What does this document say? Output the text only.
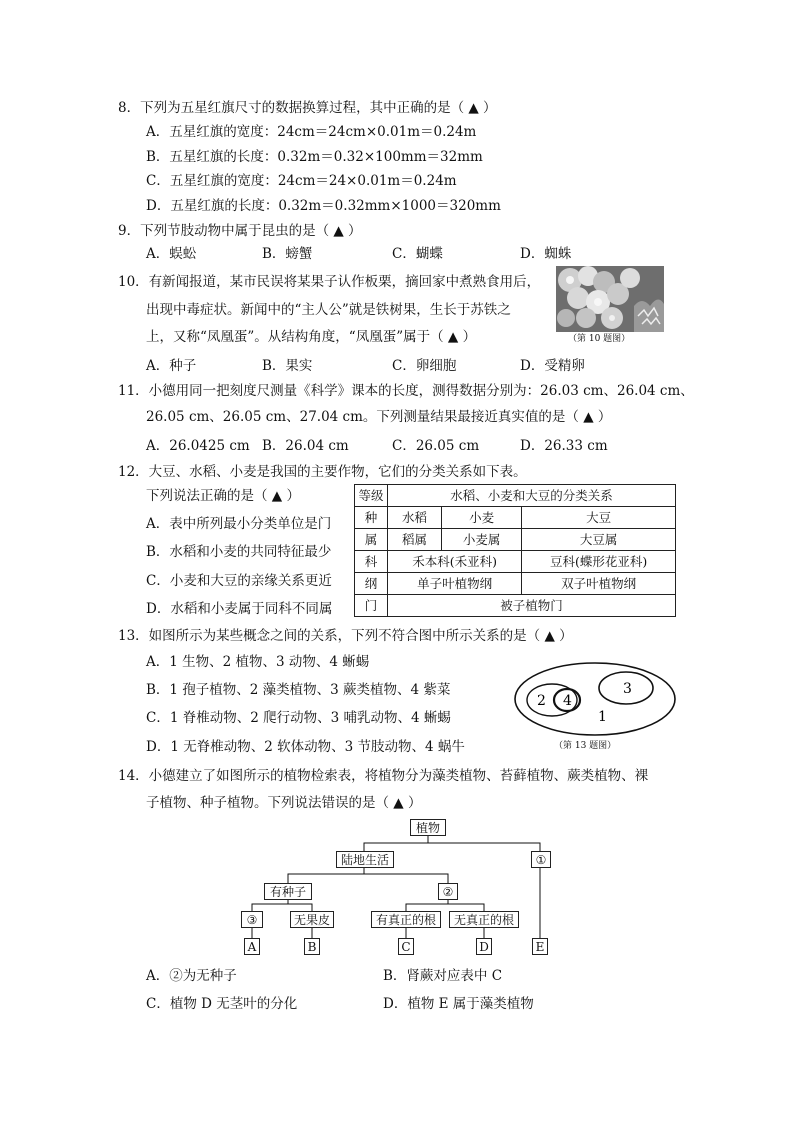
8．下列为五星红旗尺寸的数据换算过程，其中正确的是（ ▲ ）
A．五星红旗的宽度：24cm＝24cm×0.01m＝0.24m
B．五星红旗的长度：0.32m＝0.32×100mm＝32mm
C．五星红旗的宽度：24cm＝24×0.01m＝0.24m
D．五星红旗的长度：0.32m＝0.32mm×1000＝320mm
9．下列节肢动物中属于昆虫的是（ ▲ ）
A．蜈蚣	B．螃蟹	C．蝴蝶	D．蜘蛛
10．有新闻报道，某市民误将某果子认作板栗，摘回家中煮熟食用后，
出现中毒症状。新闻中的“主人公”就是铁树果，生长于苏铁之
上，又称“凤凰蛋”。从结构角度，“凤凰蛋”属于（ ▲ ）	（第 10 题图）
A．种子	B．果实	C．卵细胞	D．受精卵
11．小德用同一把刻度尺测量《科学》课本的长度，测得数据分别为：26.03 cm、26.04 cm、
26.05 cm、26.05 cm、27.04 cm。下列测量结果最接近真实值的是（ ▲ ）
A．26.0425 cm B．26.04 cm	C．26.05 cm	D．26.33 cm
12．大豆、水稻、小麦是我国的主要作物，它们的分类关系如下表。
下列说法正确的是（ ▲ ）
A．表中所列最小分类单位是门
B．水稻和小麦的共同特征最少
C．小麦和大豆的亲缘关系更近
D．水稻和小麦属于同科不同属
等级	水稻、小麦和大豆的分类关系		
种	水稻	小麦	大豆
属	稻属	小麦属	大豆属
科	禾本科(禾亚科)		豆科(蝶形花亚科)
纲	单子叶植物纲		双子叶植物纲
门	被子植物门		
13．如图所示为某些概念之间的关系，下列不符合图中所示关系的是（ ▲ ）
A．1 生物、2 植物、3 动物、4 蜥蜴
B．1 孢子植物、2 藻类植物、3 蕨类植物、4 紫菜
C．1 脊椎动物、2 爬行动物、3 哺乳动物、4 蜥蜴
D．1 无脊椎动物、2 软体动物、3 节肢动物、4 蜗牛
1
2
3
4
（第 13 题图）
14．小德建立了如图所示的植物检索表，将植物分为藻类植物、苔藓植物、蕨类植物、裸
子植物、种子植物。下列说法错误的是（ ▲ ）
植物
陆地生活	①
有种子	②
③	无果皮	有真正的根	无真正的根
A	B	C	D	E
A．②为无种子	B．肾蕨对应表中 C
C．植物 D 无茎叶的分化	D．植物 E 属于藻类植物
